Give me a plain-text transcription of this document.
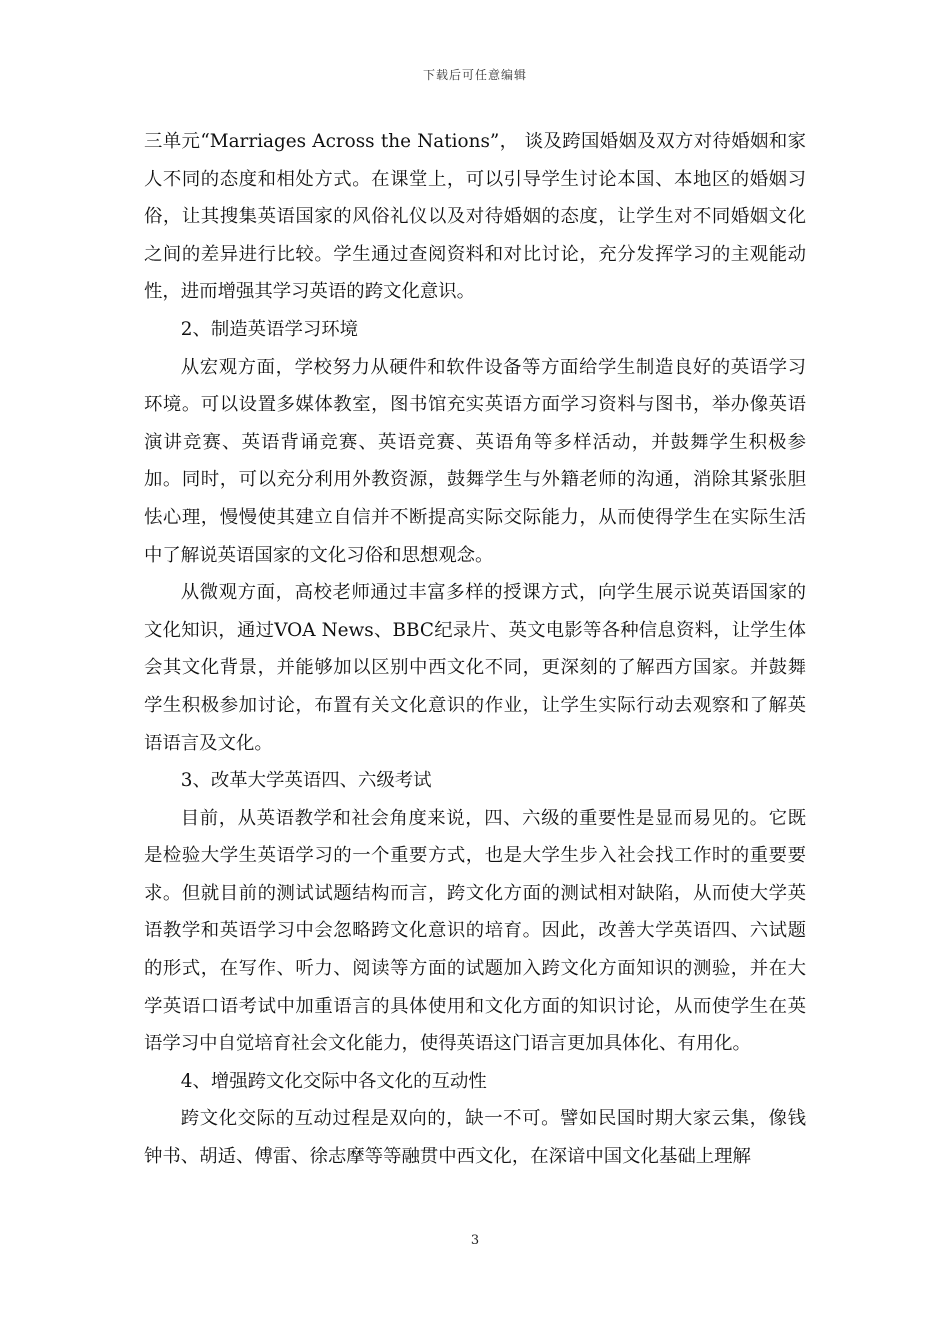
下载后可任意编辑

三单元“Marriages Across the Nations”， 谈及跨国婚姻及双方对待婚姻和家人不同的态度和相处方式。在课堂上，可以引导学生讨论本国、本地区的婚姻习俗，让其搜集英语国家的风俗礼仪以及对待婚姻的态度，让学生对不同婚姻文化之间的差异进行比较。学生通过查阅资料和对比讨论，充分发挥学习的主观能动性，进而增强其学习英语的跨文化意识。

2、制造英语学习环境

从宏观方面，学校努力从硬件和软件设备等方面给学生制造良好的英语学习环境。可以设置多媒体教室，图书馆充实英语方面学习资料与图书，举办像英语演讲竞赛、英语背诵竞赛、英语竞赛、英语角等多样活动，并鼓舞学生积极参加。同时，可以充分利用外教资源，鼓舞学生与外籍老师的沟通，消除其紧张胆怯心理，慢慢使其建立自信并不断提高实际交际能力，从而使得学生在实际生活中了解说英语国家的文化习俗和思想观念。

从微观方面，高校老师通过丰富多样的授课方式，向学生展示说英语国家的文化知识，通过VOA News、BBC纪录片、英文电影等各种信息资料，让学生体会其文化背景，并能够加以区别中西文化不同，更深刻的了解西方国家。并鼓舞学生积极参加讨论，布置有关文化意识的作业，让学生实际行动去观察和了解英语语言及文化。

3、改革大学英语四、六级考试

目前，从英语教学和社会角度来说，四、六级的重要性是显而易见的。它既是检验大学生英语学习的一个重要方式，也是大学生步入社会找工作时的重要要求。但就目前的测试试题结构而言，跨文化方面的测试相对缺陷，从而使大学英语教学和英语学习中会忽略跨文化意识的培育。因此，改善大学英语四、六试题的形式，在写作、听力、阅读等方面的试题加入跨文化方面知识的测验，并在大学英语口语考试中加重语言的具体使用和文化方面的知识讨论，从而使学生在英语学习中自觉培育社会文化能力，使得英语这门语言更加具体化、有用化。

4、增强跨文化交际中各文化的互动性

跨文化交际的互动过程是双向的，缺一不可。譬如民国时期大家云集，像钱钟书、胡适、傅雷、徐志摩等等融贯中西文化，在深谙中国文化基础上理解

3
